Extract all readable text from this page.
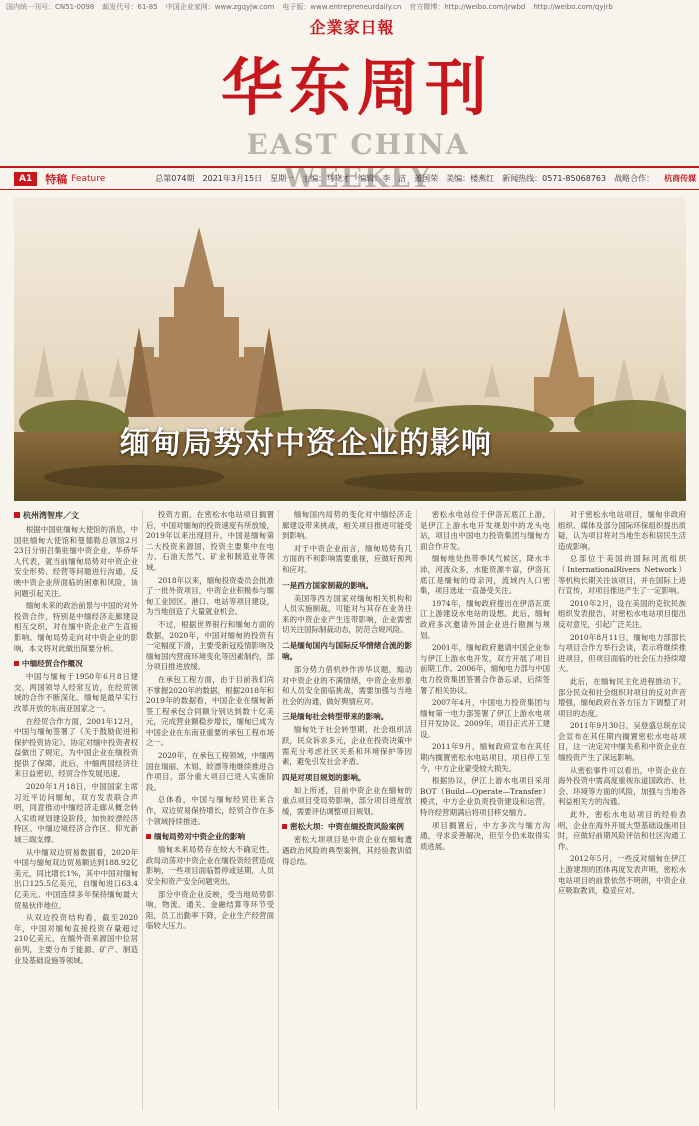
国内统一刊号：CN51-0098 邮发代号：61-85 中国企业家网：www.zgqyjw.com 电子版：www.entrepreneurdaily.cn 官方微博：http://weibo.com/jrwbd http://weibo.com/qyjrb
企業家日報
华东周刊
EAST CHINA WEEKLY
A1	特稿 Feature	总第074期　2021年3月15日　星期一　主编：马晓才　编辑：李　洁　董国荣　美编：楼燕红　新闻热线：0571-85068763　战略合作： 杭商传媒
缅甸局势对中资企业的影响
杭州湾智库／文

根据中国驻缅甸大使馆的消息，中国驻缅甸大使馆和曼德勒总领馆2月23日分别召集驻缅中资企业、华侨华人代表，就当前缅甸局势对中资企业安全形势、经营等问题进行沟通，反映中资企业所面临的困难和风险，该问题引起关注。

缅甸未来的政治前景与中国的对外投资合作，特别是中缅经济走廊建设相互交织，对在缅中资企业产生直接影响。缅甸局势走向对中资企业的影响，本文将对此做出简要分析。

中缅经贸合作概况

中国与缅甸于1950年6月8日建交，两国领导人经常互访，在经贸领域的合作不断深化。缅甸是最早实行改革开放的东南亚国家之一。

在经贸合作方面，2001年12月，中国与缅甸签署了《关于鼓励促进和保护投资协定》，协定对缅中投资者权益做出了规定，为中国企业在缅投资提供了保障。此后，中缅两国经济往来日益密切，经贸合作发展迅速。

2020年1月18日，中国国家主席习近平访问缅甸，双方发表联合声明，同意推动中缅经济走廊从概念转入实质规划建设阶段，加快皎漂经济特区、中缅边境经济合作区、仰光新城三端支撑。

从中缅双边贸易数据看，2020年中国与缅甸双边贸易额达到188.92亿美元，同比增长1%，其中中国对缅甸出口125.5亿美元，自缅甸进口63.4亿美元。中国连续多年保持缅甸最大贸易伙伴地位。

从双边投资结构看，截至2020年，中国对缅甸直接投资存量超过210亿美元，在缅外资来源国中位居前列，主要分布于能源、矿产、制造业及基础设施等领域。

投资方面，在密松水电站项目搁置后，中国对缅甸的投资速度有所放缓，2019年以来出现回升。中国是缅甸第二大投资来源国，投资主要集中在电力、石油天然气、矿业和制造业等领域。

2018年以来，缅甸投资委员会批准了一批外资项目，中资企业积极参与缅甸工业园区、港口、电站等项目建设，为当地创造了大量就业机会。

不过，根据世界银行和缅甸方面的数据，2020年，中国对缅甸的投资有一定幅度下滑，主要受新冠疫情影响及缅甸国内营商环境变化等因素制约，部分项目推进放缓。

在承包工程方面，由于目前我们尚不掌握2020年的数据，根据2018年和2019年的数据看，中国企业在缅甸新签工程承包合同额分别达到数十亿美元，完成营业额稳步增长，缅甸已成为中国企业在东南亚重要的承包工程市场之一。

2020年，在承包工程领域，中缅两国在瑞丽、木姐、皎漂等地继续推进合作项目，部分重大项目已进入实施阶段。

总体看，中国与缅甸经贸往来合作，双边贸易保持增长，经贸合作在多个领域持续推进。

缅甸局势对中资企业的影响

缅甸未来局势存在较大不确定性，政局动荡对中资企业在缅投资经营造成影响，一些项目面临暂停或延期，人员安全和资产安全问题突出。

部分中资企业反映，受当地局势影响，物流、通关、金融结算等环节受阻，员工出勤率下降，企业生产经营面临较大压力。

缅甸国内局势的变化对中缅经济走廊建设带来挑战，相关项目推进可能受到影响。

对于中资企业而言，缅甸局势有几方面的不利影响需要重视，应做好预判和应对。

一是西方国家制裁的影响。

美国等西方国家对缅甸相关机构和人员实施制裁，可能对与其存在业务往来的中资企业产生连带影响，企业需密切关注国际制裁动态，防范合规风险。

二是缅甸国内与国际反华情绪合流的影响。

部分势力借机炒作涉华议题，煽动对中资企业的不满情绪，中资企业形象和人员安全面临挑战，需要加强与当地社会的沟通，做好舆情应对。

三是缅甸社会转型带来的影响。

缅甸处于社会转型期，社会组织活跃，民众诉求多元，企业在投资决策中需充分考虑社区关系和环境保护等因素，避免引发社会矛盾。

四是对项目规划的影响。

如上所述，目前中资企业在缅甸的重点项目受局势影响，部分项目进度放缓，需要评估调整项目规划。

密松大坝：中资在缅投资风险案例

密松大坝项目是中资企业在缅甸遭遇政治风险的典型案例，其经验教训值得总结。

密松水电站位于伊洛瓦底江上游，是伊江上游水电开发规划中的龙头电站，项目由中国电力投资集团与缅甸方面合作开发。

缅甸地处热带季风气候区，降水丰沛，河流众多，水能资源丰富，伊洛瓦底江是缅甸的母亲河，流域内人口密集，项目选址一直备受关注。

1974年，缅甸政府提出在伊洛瓦底江上游建设水电站的设想。此后，缅甸政府多次邀请外国企业进行勘测与规划。

2001年，缅甸政府邀请中国企业参与伊江上游水电开发，双方开展了项目前期工作。2006年，缅甸电力部与中国电力投资集团签署合作备忘录，后续签署了相关协议。

2007年4月，中国电力投资集团与缅甸第一电力部签署了伊江上游水电项目开发协议。2009年，项目正式开工建设。

2011年9月，缅甸政府宣布在其任期内搁置密松水电站项目，项目停工至今，中方企业蒙受较大损失。

根据协议，伊江上游水电项目采用BOT（Build—Operate—Transfer）模式，中方企业负责投资建设和运营，特许经营期满后将项目移交缅方。

项目搁置后，中方多次与缅方沟通，寻求妥善解决，但至今仍未取得实质进展。

对于密松水电站项目，缅甸非政府组织、媒体及部分国际环保组织提出质疑，认为项目将对当地生态和居民生活造成影响。

总部位于美国的国际河流组织（InternationalRivers Network）等机构长期关注该项目，并在国际上进行宣传，对项目推进产生了一定影响。

2010年2月，设在美国的克钦民族组织发表报告，对密松水电站项目提出反对意见，引起广泛关注。

2010年8月11日，缅甸电力部部长与项目合作方举行会谈，表示将继续推进项目，但项目面临的社会压力持续增大。

此后，在缅甸民主化进程推动下，部分民众和社会组织对项目的反对声音增强，缅甸政府在各方压力下调整了对项目的态度。

2011年9月30日，吴登盛总统在议会宣布在其任期内搁置密松水电站项目，这一决定对中缅关系和中资企业在缅投资产生了深远影响。

从密松事件可以看出，中资企业在海外投资中需高度重视东道国政治、社会、环境等方面的风险，加强与当地各利益相关方的沟通。

此外，密松水电站项目的经验表明，企业在海外开展大型基础设施项目时，应做好前期风险评估和社区沟通工作。

2012年5月，一些反对缅甸在伊江上游建坝的团体再度发表声明，密松水电站项目的前景依然不明朗，中资企业应吸取教训，稳妥应对。
